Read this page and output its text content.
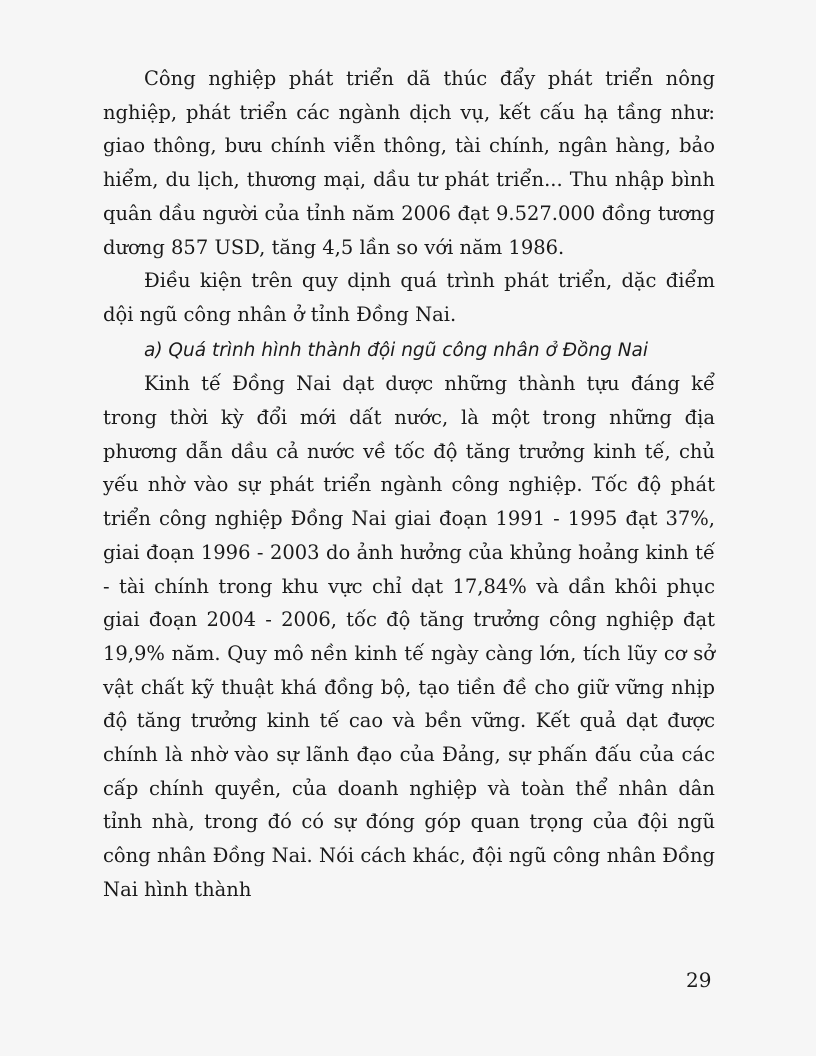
Công nghiệp phát triển dã thúc đẩy phát triển nông nghiệp, phát triển các ngành dịch vụ, kết cấu hạ tầng như: giao thông, bưu chính viễn thông, tài chính, ngân hàng, bảo hiểm, du lịch, thương mại, dầu tư phát triển... Thu nhập bình quân dầu người của tỉnh năm 2006 đạt 9.527.000 đồng tương dương 857 USD, tăng 4,5 lần so với năm 1986.

Điều kiện trên quy dịnh quá trình phát triển, dặc điểm dội ngũ công nhân ở tỉnh Đồng Nai.

a) Quá trình hình thành đội ngũ công nhân ở Đồng Nai

Kinh tế Đồng Nai dạt dược những thành tựu đáng kể trong thời kỳ đổi mới dất nước, là một trong những địa phương dẫn dầu cả nước về tốc độ tăng trưởng kinh tế, chủ yếu nhờ vào sự phát triển ngành công nghiệp. Tốc độ phát triển công nghiệp Đồng Nai giai đoạn 1991 - 1995 đạt 37%, giai đoạn 1996 - 2003 do ảnh hưởng của khủng hoảng kinh tế - tài chính trong khu vực chỉ dạt 17,84% và dần khôi phục giai đoạn 2004 - 2006, tốc độ tăng trưởng công nghiệp đạt 19,9% năm. Quy mô nền kinh tế ngày càng lớn, tích lũy cơ sở vật chất kỹ thuật khá đồng bộ, tạo tiền đề cho giữ vững nhịp độ tăng trưởng kinh tế cao và bền vững. Kết quả dạt được chính là nhờ vào sự lãnh đạo của Đảng, sự phấn đấu của các cấp chính quyền, của doanh nghiệp và toàn thể nhân dân tỉnh nhà, trong đó có sự đóng góp quan trọng của đội ngũ công nhân Đồng Nai. Nói cách khác, đội ngũ công nhân Đồng Nai hình thành

29
